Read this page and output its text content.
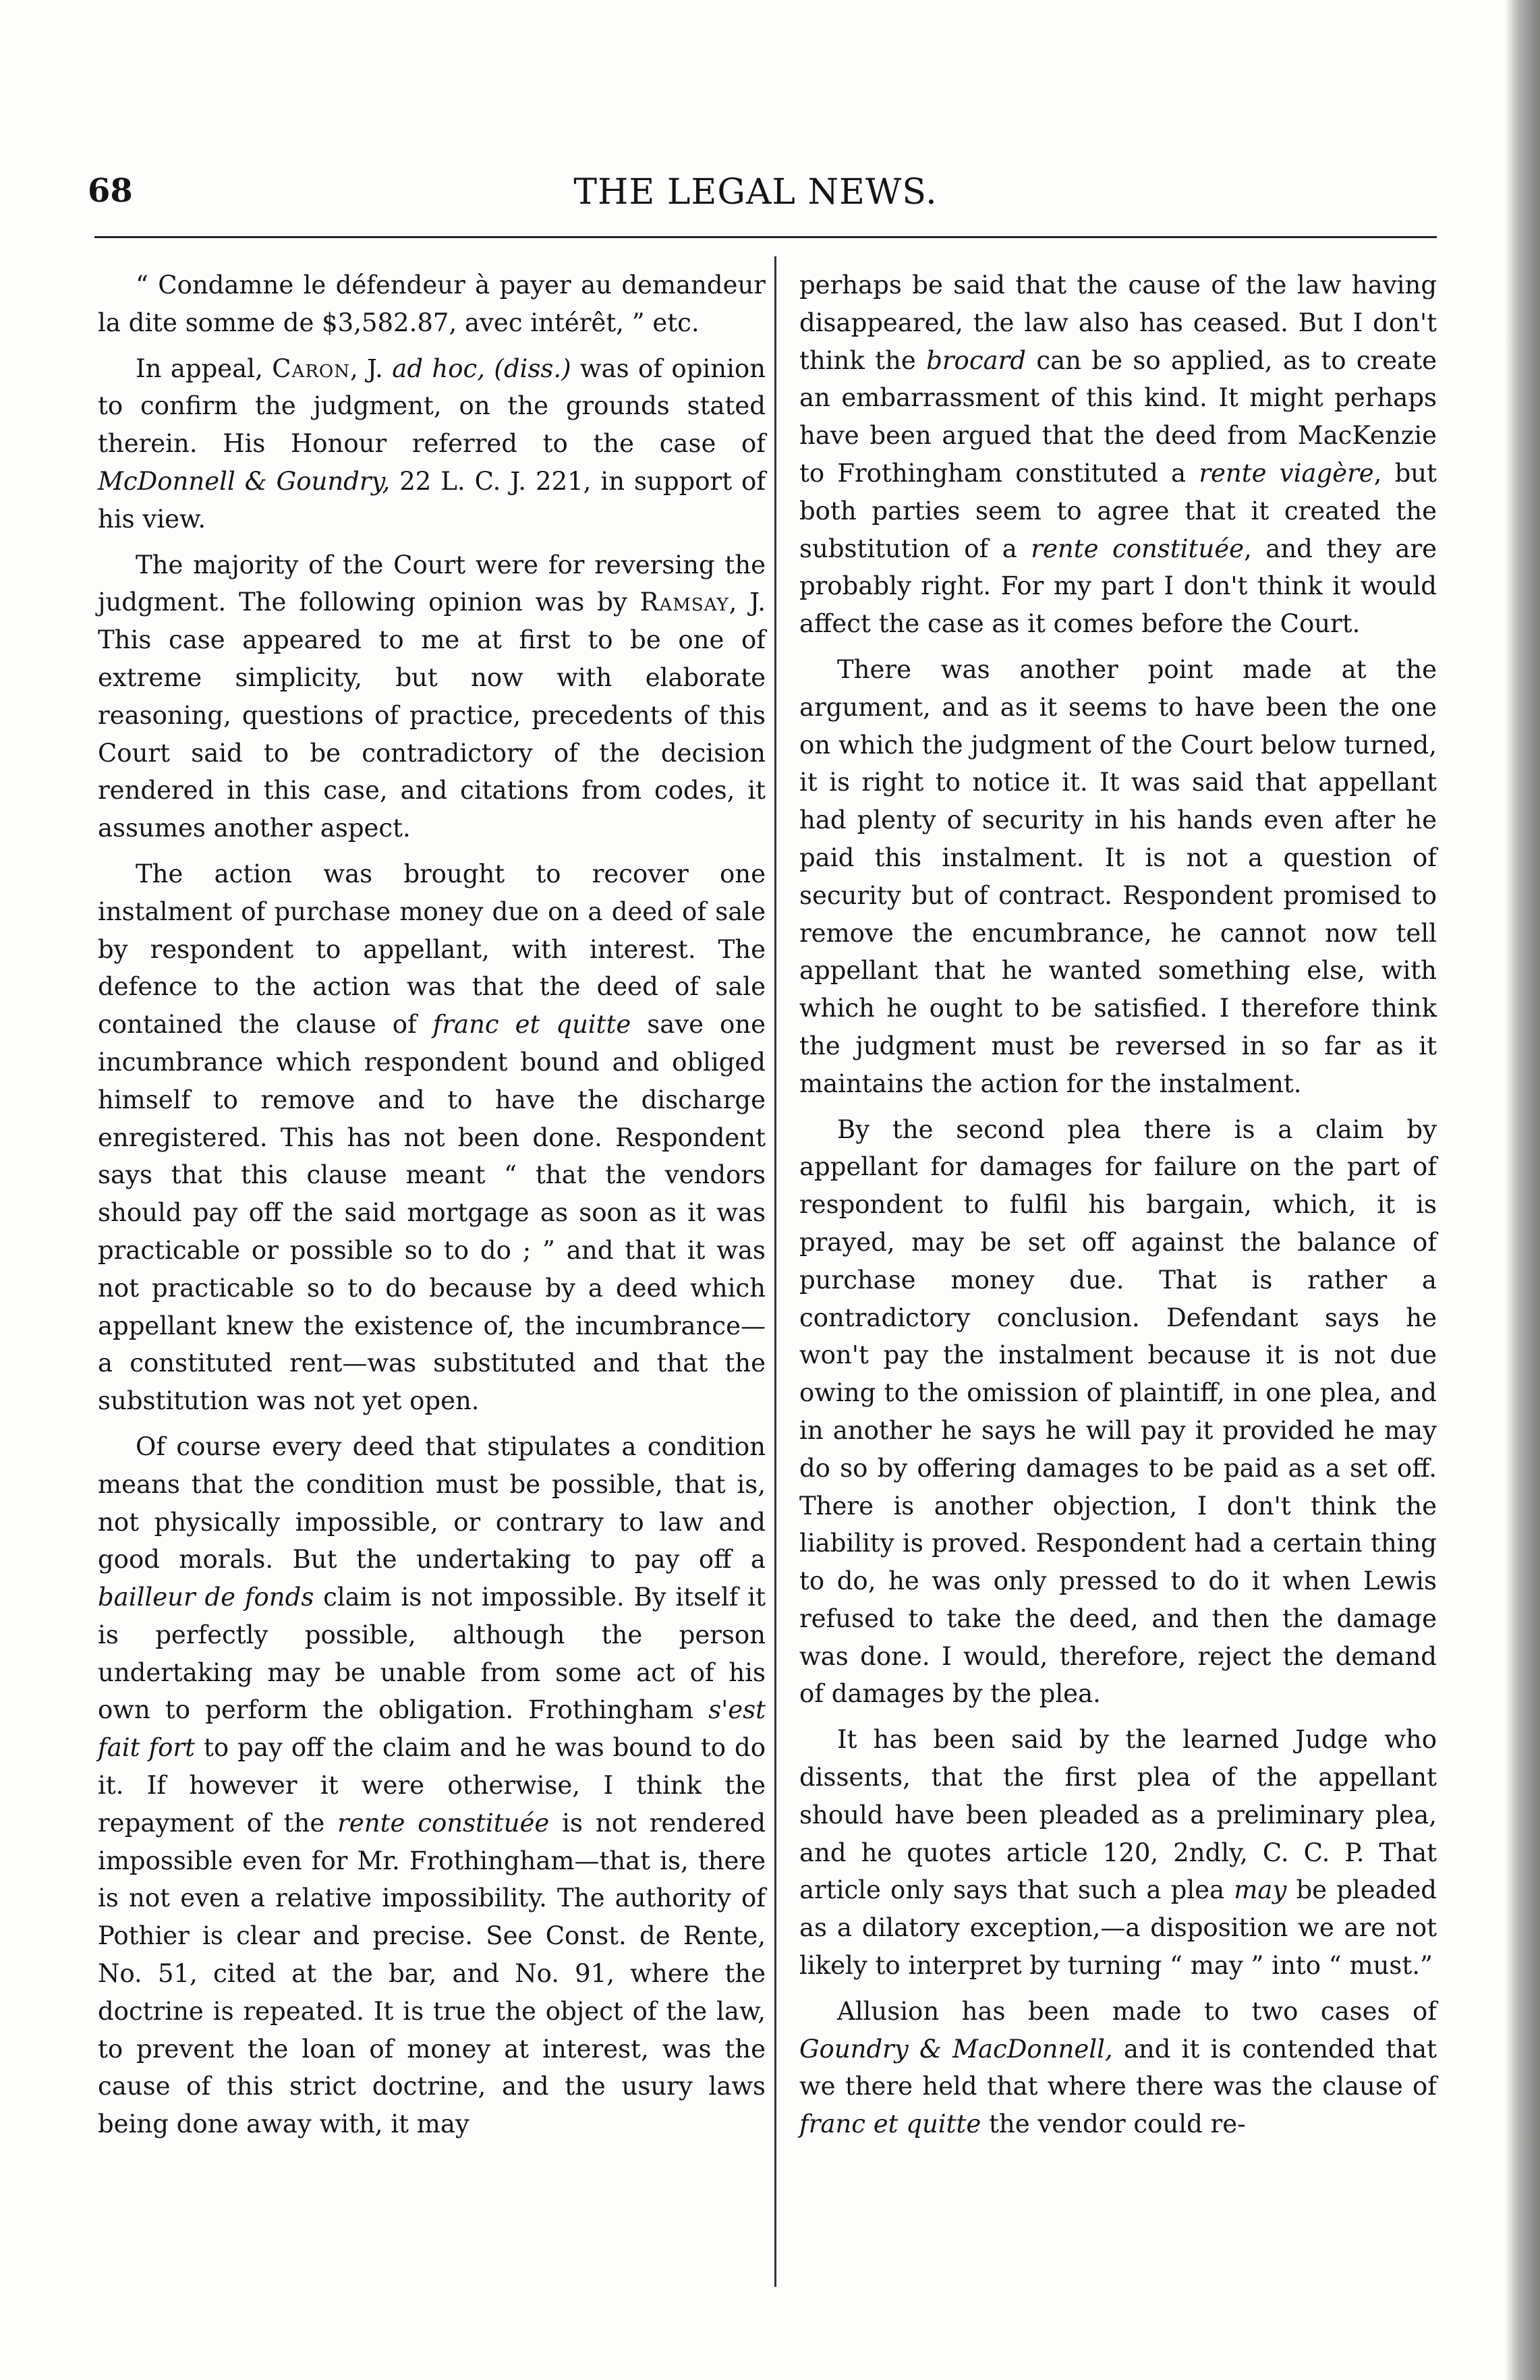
68	THE LEGAL NEWS.

“ Condamne le défendeur à payer au demandeur la dite somme de $3,582.87, avec intérêt, ” etc.

In appeal, Caron, J. ad hoc, (diss.) was of opinion to confirm the judgment, on the grounds stated therein. His Honour referred to the case of McDonnell & Goundry, 22 L. C. J. 221, in support of his view.

The majority of the Court were for reversing the judgment. The following opinion was by Ramsay, J. This case appeared to me at first to be one of extreme simplicity, but now with elaborate reasoning, questions of practice, precedents of this Court said to be contradictory of the decision rendered in this case, and citations from codes, it assumes another aspect.

The action was brought to recover one instalment of purchase money due on a deed of sale by respondent to appellant, with interest. The defence to the action was that the deed of sale contained the clause of franc et quitte save one incumbrance which respondent bound and obliged himself to remove and to have the discharge enregistered. This has not been done. Respondent says that this clause meant “ that the vendors should pay off the said mortgage as soon as it was practicable or possible so to do ; ” and that it was not practicable so to do because by a deed which appellant knew the existence of, the incumbrance—a constituted rent—was substituted and that the substitution was not yet open.

Of course every deed that stipulates a condition means that the condition must be possible, that is, not physically impossible, or contrary to law and good morals. But the undertaking to pay off a bailleur de fonds claim is not impossible. By itself it is perfectly possible, although the person undertaking may be unable from some act of his own to perform the obligation. Frothingham s'est fait fort to pay off the claim and he was bound to do it. If however it were otherwise, I think the repayment of the rente constituée is not rendered impossible even for Mr. Frothingham—that is, there is not even a relative impossibility. The authority of Pothier is clear and precise. See Const. de Rente, No. 51, cited at the bar, and No. 91, where the doctrine is repeated. It is true the object of the law, to prevent the loan of money at interest, was the cause of this strict doctrine, and the usury laws being done away with, it may

perhaps be said that the cause of the law having disappeared, the law also has ceased. But I don't think the brocard can be so applied, as to create an embarrassment of this kind. It might perhaps have been argued that the deed from MacKenzie to Frothingham constituted a rente viagère, but both parties seem to agree that it created the substitution of a rente constituée, and they are probably right. For my part I don't think it would affect the case as it comes before the Court.

There was another point made at the argument, and as it seems to have been the one on which the judgment of the Court below turned, it is right to notice it. It was said that appellant had plenty of security in his hands even after he paid this instalment. It is not a question of security but of contract. Respondent promised to remove the encumbrance, he cannot now tell appellant that he wanted something else, with which he ought to be satisfied. I therefore think the judgment must be reversed in so far as it maintains the action for the instalment.

By the second plea there is a claim by appellant for damages for failure on the part of respondent to fulfil his bargain, which, it is prayed, may be set off against the balance of purchase money due. That is rather a contradictory conclusion. Defendant says he won't pay the instalment because it is not due owing to the omission of plaintiff, in one plea, and in another he says he will pay it provided he may do so by offering damages to be paid as a set off. There is another objection, I don't think the liability is proved. Respondent had a certain thing to do, he was only pressed to do it when Lewis refused to take the deed, and then the damage was done. I would, therefore, reject the demand of damages by the plea.

It has been said by the learned Judge who dissents, that the first plea of the appellant should have been pleaded as a preliminary plea, and he quotes article 120, 2ndly, C. C. P. That article only says that such a plea may be pleaded as a dilatory exception,—a disposition we are not likely to interpret by turning “ may ” into “ must.”

Allusion has been made to two cases of Goundry & MacDonnell, and it is contended that we there held that where there was the clause of franc et quitte the vendor could re-
